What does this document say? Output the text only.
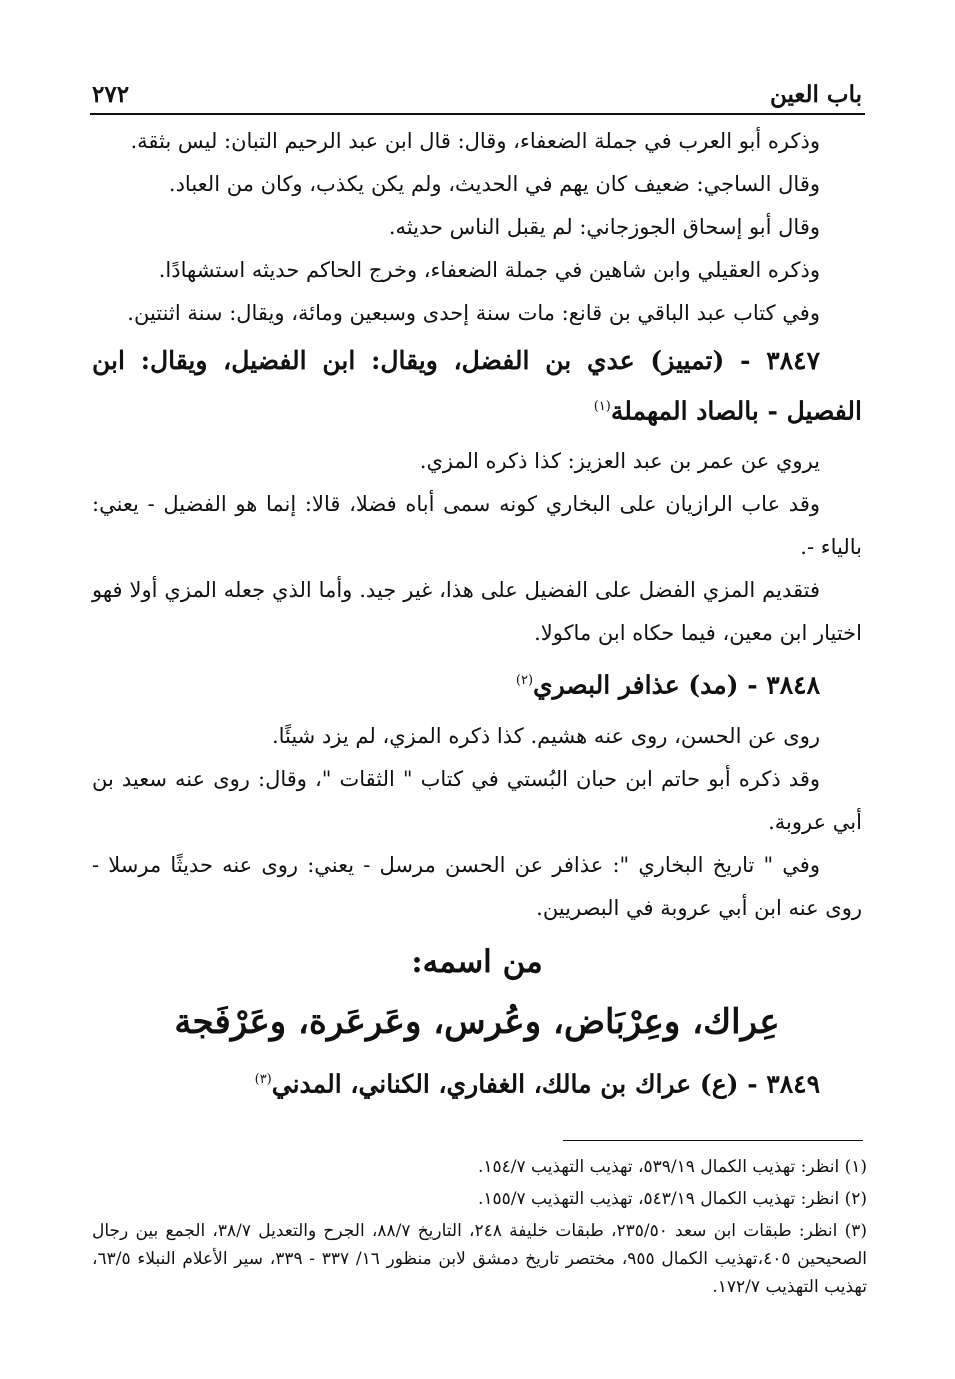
باب العين
٢٧٢

وذكره أبو العرب في جملة الضعفاء، وقال: قال ابن عبد الرحيم التبان: ليس بثقة.

وقال الساجي: ضعيف كان يهم في الحديث، ولم يكن يكذب، وكان من العباد.

وقال أبو إسحاق الجوزجاني: لم يقبل الناس حديثه.

وذكره العقيلي وابن شاهين في جملة الضعفاء، وخرج الحاكم حديثه استشهادًا.

وفي كتاب عبد الباقي بن قانع: مات سنة إحدى وسبعين ومائة، ويقال: سنة اثنتين.

٣٨٤٧ - (تمييز) عدي بن الفضل، ويقال: ابن الفضيل، ويقال: ابن الفصيل - بالصاد المهملة$^{(١)}$

يروي عن عمر بن عبد العزيز: كذا ذكره المزي.

وقد عاب الرازيان على البخاري كونه سمى أباه فضلا، قالا: إنما هو الفضيل - يعني: بالياء -.

فتقديم المزي الفضل على الفضيل على هذا، غير جيد. وأما الذي جعله المزي أولا فهو اختيار ابن معين، فيما حكاه ابن ماكولا.

٣٨٤٨ - (مد) عذافر البصري$^{(٢)}$

روى عن الحسن، روى عنه هشيم. كذا ذكره المزي، لم يزد شيئًا.

وقد ذكره أبو حاتم ابن حبان البُستي في كتاب " الثقات "، وقال: روى عنه سعيد بن أبي عروبة.

وفي " تاريخ البخاري ": عذافر عن الحسن مرسل - يعني: روى عنه حديثًا مرسلا - روى عنه ابن أبي عروبة في البصريين.

من اسمه:

عِراك، وعِرْبَاض، وعُرس، وعَرعَرة، وعَرْفَجة

٣٨٤٩ - (ع) عراك بن مالك، الغفاري، الكناني، المدني$^{(٣)}$

(١) انظر: تهذيب الكمال ٥٣٩/١٩، تهذيب التهذيب ١٥٤/٧.

(٢) انظر: تهذيب الكمال ٥٤٣/١٩، تهذيب التهذيب ١٥٥/٧.

(٣) انظر: طبقات ابن سعد ٢٣٥/٥٠، طبقات خليفة ٢٤٨، التاريخ ٨٨/٧، الجرح والتعديل ٣٨/٧، الجمع بين رجال الصحيحين ٤٠٥،تهذيب الكمال ٩٥٥، مختصر تاريخ دمشق لابن منظور ١٦/ ٣٣٧ - ٣٣٩، سير الأعلام النبلاء ٦٣/٥، تهذيب التهذيب ١٧٢/٧.
